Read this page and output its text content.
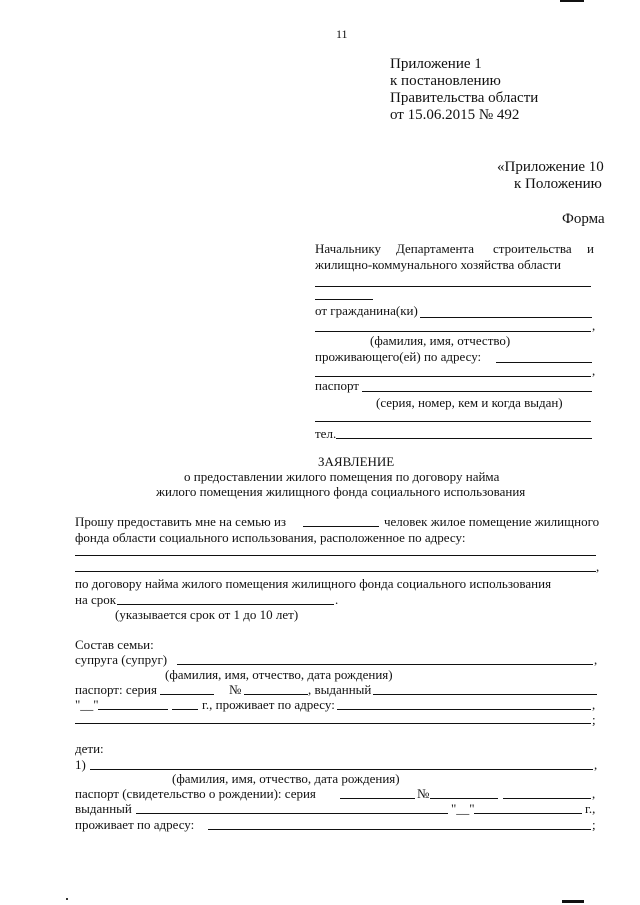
11
Приложение 1
к постановлению
Правительства области
от 15.06.2015 № 492
«Приложение 10
к Положению
Форма
Начальнику Департамента строительства и
жилищно-коммунального хозяйства области
от гражданина(ки)
,
(фамилия, имя, отчество)
проживающего(ей) по адресу:
,
паспорт
(серия, номер, кем и когда выдан)
тел.
ЗАЯВЛЕНИЕ
о предоставлении жилого помещения по договору найма
жилого помещения жилищного фонда социального использования
Прошу предоставить мне на семью из	человек жилое помещение жилищного
фонда области социального использования, расположенное по адресу:
,
по договору найма жилого помещения жилищного фонда социального использования
на срок	.
(указывается срок от 1 до 10 лет)
Состав семьи:
супруга (супруг)	,
(фамилия, имя, отчество, дата рождения)
паспорт: серия	№	, выданный
"__"	г., проживает по адресу:	,
;
дети:
1)	,
(фамилия, имя, отчество, дата рождения)
паспорт (свидетельство о рождении): серия	№	,
выданный	"__"	г.,
проживает по адресу:	;
